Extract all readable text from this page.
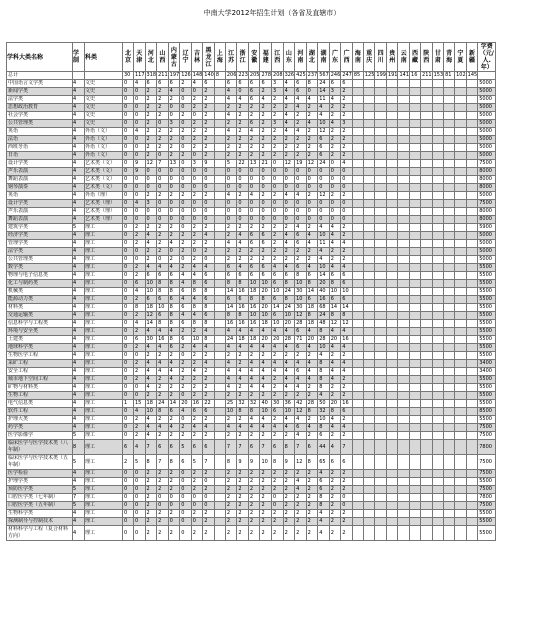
中南大学2012年招生计划（各省及直辖市）
学科大类名称	学制	科类	北京	天津	河北	山西	内蒙古	辽宁	吉林	黑龙江	上海	江苏	浙江	安徽	福建	江西	山东	河南	湖北	湖南	广东	广西	海南	重庆	四川	贵州	云南	西藏	陕西	甘肃	青海	宁夏	新疆	学费（元/人.年）
总计			30	117	318	211	197	126	148	140	8	206	223	205	278	208	326	425	237	567	246	247	85	125	199	191	141	16	211	153	81	102	145	
中国语言文学类	4	文史	0	4	6	6	6	2	4	6		6	6	6	6	3	4	6	8	24	6	6												5000
新闻学类	4	文史	0	0	2	2	4	0	0	2		4	0	6	2	3	4	6	0	14	3	2												5000
法学类	4	文史	0	0	2	2	2	0	2	2		4	4	6	4	2	4	4	4	11	4	2												5000
思想政治教育	4	文史	0	0	2	2	0	0	2	2		2	2	2	2	2	2	4	2	4	2	2												5000
社会学类	4	文史	0	0	2	2	0	2	0	2		4	2	2	2	2	4	2	2	4	2	2												5000
公共管理类	4	文史	0	0	2	0	3	0	2	2		2	2	6	2	3	4	2	4	10	4	3												5000
英语	4	外语（文）	0	4	2	2	2	2	2	2		4	2	4	2	2	4	4	2	12	2	2												5000
法语	4	外语（文）	0	0	2	2	2	0	2	2		2	2	2	2	2	2	2	2	6	2	2												5000
西班牙语	4	外语（文）	0	0	2	2	2	0	2	2		2	2	2	2	2	2	2	2	6	2	2												5000
日语	4	外语（文）	0	0	2	0	2	2	0	2		2	2	2	2	2	2	2	2	6	2	2												5000
设计学类	4	艺术类（文）	0	9	12	7	13	0	3	9		5	22	13	21	0	12	19	12	24	0	4												7500
声乐表演	4	艺术类（文）	0	9	0	0	0	0	0	0		0	0	0	0	0	0	0	0	0	0	0												8000
舞蹈表演	4	艺术类（文）	0	0	0	0	0	0	0	0		0	0	0	0	0	0	0	0	0	0	0												8000
钢琴演奏	4	艺术类（文）	0	0	0	0	0	0	0	0		0	0	0	0	0	0	0	0	0	0	0												8000
英语	4	外语（理）	0	0	2	2	2	2	2	2		4	2	4	2	2	4	4	2	12	2	2												5000
设计学类	4	艺术类（理）	0	4	3	0	0	0	0	0		0	0	0	0	0	0	0	0	0	0	0												7500
声乐表演	4	艺术类（理）	0	0	0	0	0	0	0	0		0	0	0	0	0	0	0	0	0	0	0												8000
舞蹈表演	4	艺术类（理）	0	0	0	0	0	0	0	0		0	0	0	0	0	0	0	0	0	0	0												8000
建筑学类	5	理工	0	2	2	2	2	0	2	2		2	2	2	2	2	2	4	2	4	4	2												5900
经济学类	4	理工	0	2	4	2	2	2	2	4		2	4	6	6	2	4	6	4	10	4	2												5000
管理学类	4	理工	0	2	4	2	4	2	2	2		4	4	6	6	2	4	6	4	11	4	4												5000
法学类	4	理工	0	0	2	2	0	2	0	2		2	2	2	2	2	2	2	2	4	2	2												5000
公共管理类	4	理工	0	0	2	0	2	0	2	0		2	2	2	2	2	2	2	2	4	2	2												5000
数学类	4	理工	0	2	4	4	4	2	4	4		6	4	6	6	4	4	6	4	10	4	4												5500
物理与电子信息类	4	理工	0	2	6	6	6	4	4	6		6	6	6	6	6	6	8	6	14	6	6												5500
化工与制药类	4	理工	0	6	10	8	8	4	8	6		8	8	10	10	6	8	10	8	20	8	6												5500
机械类	4	理工	0	4	10	8	8	6	8	8		14	16	18	20	10	24	30	14	40	10	10												5500
能源动力类	4	理工	0	2	6	6	6	4	4	6		6	6	8	8	6	8	10	6	16	6	6												5500
材料类	4	理工	0	8	18	10	8	6	8	8		14	16	16	20	14	24	30	18	68	14	14												5500
交通运输类	4	理工	0	2	12	6	8	4	4	6		8	8	10	10	6	10	12	8	24	8	8												5500
信息科学与工程类	4	理工	0	4	14	8	8	6	8	8		16	16	16	18	10	20	28	18	48	12	12												5500
环境与安全类	4	理工	0	2	4	4	4	2	2	4		4	4	4	4	4	4	6	4	8	4	4												5500
土建类	4	理工	0	6	30	16	8	6	10	8		24	18	18	20	20	28	71	20	28	20	16												5500
地球科学类	4	理工	0	2	4	4	6	2	4	4		4	4	4	4	4	4	6	4	10	4	4												5500
生物医学工程	4	理工	0	0	2	2	2	0	2	2		2	2	2	2	2	2	2	2	4	2	2												5500
采矿工程	4	理工	0	2	4	4	4	2	2	4		4	2	4	4	4	4	4	4	8	4	4												3400
安全工程	4	理工	0	2	4	4	4	2	4	2		4	4	4	4	4	4	6	4	8	4	4												3400
城市地下空间工程	4	理工	0	2	4	2	4	2	2	2		4	4	4	4	2	4	4	4	8	4	2												5500
矿物与材料类	4	理工	0	0	4	2	2	2	2	2		4	2	4	4	2	4	4	2	8	2	2												5500
生物工程	4	理工	0	0	2	2	2	0	2	2		2	2	2	2	2	2	2	2	4	2	2												5500
电气信息类	4	理工	1	15	18	24	14	20	16	22		25	32	32	40	30	36	42	28	50	20	16												5500
软件工程	4	理工	0	4	10	8	6	4	6	6		10	8	8	10	6	10	12	8	32	8	6												8500
护理大类	4	理工	0	2	4	2	2	0	2	2		2	2	4	4	2	4	4	2	10	4	2												5500
药学类	4	理工	0	2	4	4	4	2	4	4		4	4	4	4	4	4	6	4	8	4	4												7500
医学影像学	5	理工	0	2	4	2	2	2	2	2		2	2	2	2	2	2	4	2	6	2	2												7500
临床医学与医学技术类（八年制）	8	理工	6	4	7	6	6	5	6	6		7	7	6	7	6	8	7	6	44	4	7												7800
临床医学与医学技术类（五年制）	5	理工	2	5	8	7	8	6	5	7		8	9	9	10	8	9	12	8	65	6	6												7500
医学检验	4	理工	0	0	2	2	2	0	2	2		2	2	2	2	2	2	2	2	4	2	2												7500
护理学类	4	理工	0	0	2	2	2	0	2	0		2	2	2	2	2	2	4	2	6	2	2												5500
预防医学类	5	理工	0	0	2	2	2	0	2	2		2	2	2	2	2	2	4	2	6	2	2												7500
口腔医学类（七年制）	7	理工	0	0	2	0	0	0	0	0		2	2	2	2	0	2	2	2	8	2	0												7800
口腔医学类（五年制）	5	理工	0	0	2	0	0	0	0	0		2	2	2	2	0	2	2	2	8	2	0												7500
生物科学类	4	理工	0	0	2	2	2	0	2	2		2	2	2	2	2	2	2	2	4	2	2												5500
探测制导与控制技术	4	理工	0	0	2	2	0	0	0	2		2	2	2	2	2	2	2	2	4	2	2												5500
材料科学与工程（复合材料方向）	4	理工	0	0	2	2	2	0	2	2		2	2	2	2	2	2	2	2	4	2	2												5500
